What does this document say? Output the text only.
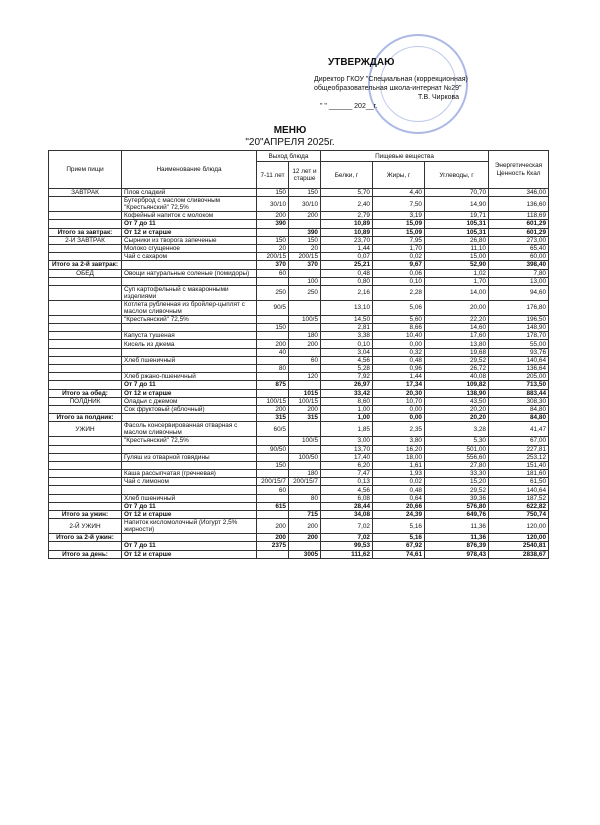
УТВЕРЖДАЮ
Директор ГКОУ "Специальная (коррекционная)
общеобразовательная школа-интернат №29"
Т.В. Чиркова
" " ______ 202__г.
МЕНЮ
"20"АПРЕЛЯ 2025г.
Прием пищи	Наименование блюда	Выход блюда		Пищевые вещества			Энергетическая Ценность Ккал
		7-11 лет	12 лет и старше	Белки, г	Жиры, г	Углеводы, г	
ЗАВТРАК	Плов сладкий	150	150	5,70	4,40	70,70	346,00
	Бутерброд с маслом сливочным "Крестьянский" 72,5%	30/10	30/10	2,40	7,50	14,90	136,60
	Кофейный напиток с молоком	200	200	2,79	3,19	19,71	118,69
	От 7 до 11	390		10,89	15,09	105,31	601,29
Итого за завтрак:	От 12 и старше		390	10,89	15,09	105,31	601,29
2-Й ЗАВТРАК	Сырники из творога запеченые	150	150	23,70	7,95	26,80	273,00
	Молоко сгущенное	20	20	1,44	1,70	11,10	65,40
	Чай с сахаром	200/15	200/15	0,07	0,02	15,00	60,00
Итого за 2-й завтрак:		370	370	25,21	9,67	52,90	398,40
ОБЕД	Овощи натуральные соленые (помидоры)	60		0,48	0,06	1,02	7,80
			100	0,80	0,10	1,70	13,00
	Суп картофельный с макаронными изделиями	250	250	2,16	2,28	14,00	94,60
	Котлета рубленная из бройлер-цыплят с маслом сливочным	90/5		13,10	5,06	20,00	176,80
	"Крестьянский" 72,5%		100/5	14,50	5,60	22,20	196,50
		150		2,81	8,66	14,60	148,90
	Капуста тушеная		180	3,38	10,40	17,60	178,70
	Кисель из джема	200	200	0,10	0,00	13,80	55,00
		40		3,04	0,32	19,68	93,76
	Хлеб пшеничный		60	4,56	0,48	29,52	140,64
		80		5,28	0,96	26,72	136,64
	Хлеб ржано-пшеничный		120	7,92	1,44	40,08	205,00
	От 7 до 11	875		26,97	17,34	109,82	713,50
Итого за обед:	От 12 и старше		1015	33,42	20,30	138,90	883,44
ПОЛДНИК	Оладьи с джемом	100/15	100/15	8,60	10,70	43,50	308,30
	Сок фруктовый (яблочный)	200	200	1,00	0,00	20,20	84,80
Итого за полдник:		315	315	1,00	0,00	20,20	84,80
УЖИН	Фасоль консервированная отварная с маслом сливочным	60/5		1,85	2,35	3,28	41,47
	"Крестьянский" 72,5%		100/5	3,00	3,80	5,30	67,00
		90/50		13,70	16,20	501,00	227,81
	Гуляш из отварной говядины		100/50	17,40	18,00	556,60	253,12
		150		6,20	1,61	27,80	151,40
	Каша рассыпчатая (гречневая)		180	7,47	1,93	33,30	181,60
	Чай с лимоном	200/15/7	200/15/7	0,13	0,02	15,20	61,50
		60		4,56	0,48	29,52	140,64
	Хлеб пшеничный		80	6,08	0,64	39,36	187,52
	От 7 до 11	615		28,44	20,66	576,80	622,82
Итого за ужин:	От 12 и старше		715	34,08	24,39	649,76	750,74
2-Й УЖИН	Напиток кисломолочный (Йогурт 2,5% жирности)	200	200	7,02	5,16	11,36	120,00
Итого за 2-й ужин:		200	200	7,02	5,16	11,36	120,00
	От 7 до 11	2375		99,53	67,92	876,39	2540,81
Итого за день:	От 12 и старше		3005	111,62	74,61	978,43	2838,67
